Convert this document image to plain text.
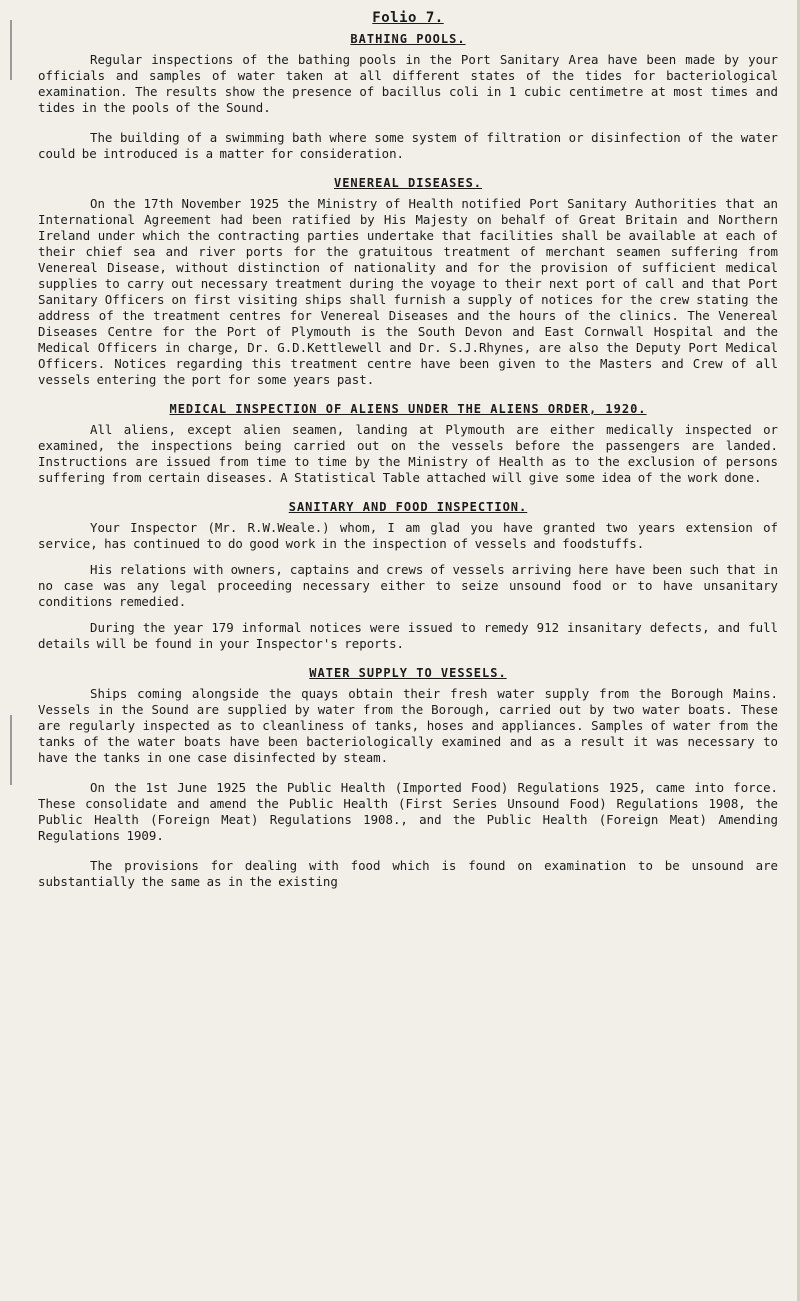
Folio 7.
BATHING POOLS.

Regular inspections of the bathing pools in the Port Sanitary Area have been made by your officials and samples of water taken at all different states of the tides for bacteriological examination. The results show the presence of bacillus coli in 1 cubic centimetre at most times and tides in the pools of the Sound.

The building of a swimming bath where some system of filtration or disinfection of the water could be introduced is a matter for consideration.

VENEREAL DISEASES.

On the 17th November 1925 the Ministry of Health notified Port Sanitary Authorities that an International Agreement had been ratified by His Majesty on behalf of Great Britain and Northern Ireland under which the contracting parties undertake that facilities shall be available at each of their chief sea and river ports for the gratuitous treatment of merchant seamen suffering from Venereal Disease, without distinction of nationality and for the provision of sufficient medical supplies to carry out necessary treatment during the voyage to their next port of call and that Port Sanitary Officers on first visiting ships shall furnish a supply of notices for the crew stating the address of the treatment centres for Venereal Diseases and the hours of the clinics. The Venereal Diseases Centre for the Port of Plymouth is the South Devon and East Cornwall Hospital and the Medical Officers in charge, Dr. G.D.Kettlewell and Dr. S.J.Rhynes, are also the Deputy Port Medical Officers. Notices regarding this treatment centre have been given to the Masters and Crew of all vessels entering the port for some years past.

MEDICAL INSPECTION OF ALIENS UNDER THE ALIENS ORDER, 1920.

All aliens, except alien seamen, landing at Plymouth are either medically inspected or examined, the inspections being carried out on the vessels before the passengers are landed. Instructions are issued from time to time by the Ministry of Health as to the exclusion of persons suffering from certain diseases. A Statistical Table attached will give some idea of the work done.

SANITARY AND FOOD INSPECTION.

Your Inspector (Mr. R.W.Weale.) whom, I am glad you have granted two years extension of service, has continued to do good work in the inspection of vessels and foodstuffs.

His relations with owners, captains and crews of vessels arriving here have been such that in no case was any legal proceeding necessary either to seize unsound food or to have unsanitary conditions remedied.

During the year 179 informal notices were issued to remedy 912 insanitary defects, and full details will be found in your Inspector's reports.

WATER SUPPLY TO VESSELS.

Ships coming alongside the quays obtain their fresh water supply from the Borough Mains. Vessels in the Sound are supplied by water from the Borough, carried out by two water boats. These are regularly inspected as to cleanliness of tanks, hoses and appliances. Samples of water from the tanks of the water boats have been bacteriologically examined and as a result it was necessary to have the tanks in one case disinfected by steam.

On the 1st June 1925 the Public Health (Imported Food) Regulations 1925, came into force. These consolidate and amend the Public Health (First Series Unsound Food) Regulations 1908, the Public Health (Foreign Meat) Regulations 1908., and the Public Health (Foreign Meat) Amending Regulations 1909.

The provisions for dealing with food which is found on examination to be unsound are substantially the same as in the existing
